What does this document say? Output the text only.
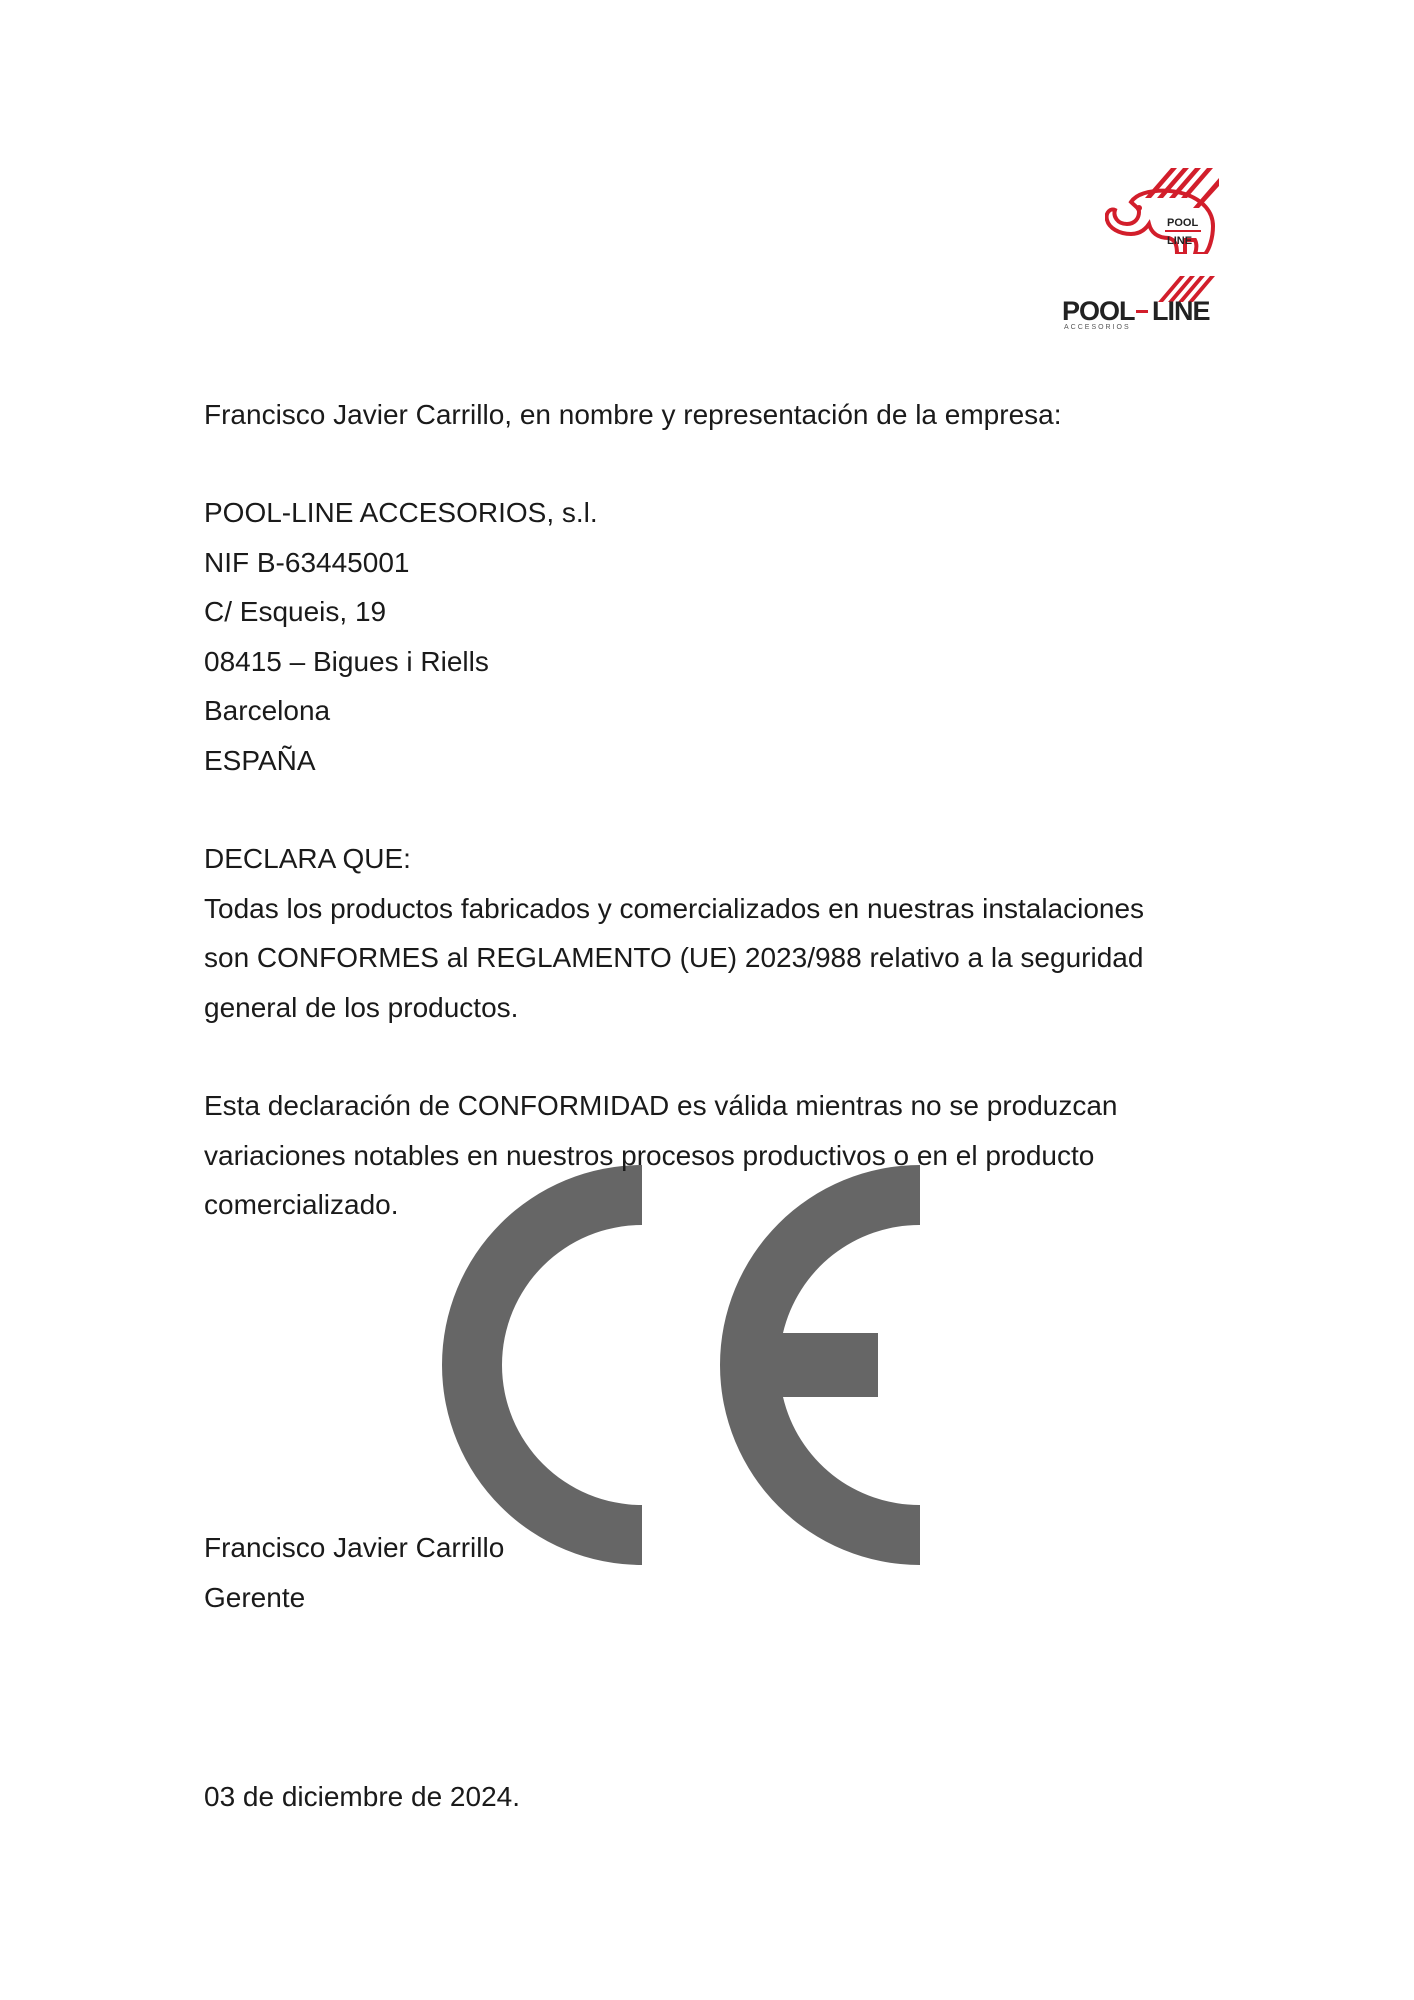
POOL
LINE
POOL LINE
ACCESORIOS
Francisco Javier Carrillo, en nombre y representación de la empresa:
POOL-LINE ACCESORIOS, s.l.
NIF B-63445001
C/ Esqueis, 19
08415 – Bigues i Riells
Barcelona
ESPAÑA
DECLARA QUE:
Todas los productos fabricados y comercializados en nuestras instalaciones
son CONFORMES al REGLAMENTO (UE) 2023/988 relativo a la seguridad
general de los productos.
Esta declaración de CONFORMIDAD es válida mientras no se produzcan
variaciones notables en nuestros procesos productivos o en el producto
comercializado.
Francisco Javier Carrillo
Gerente
03 de diciembre de 2024.
